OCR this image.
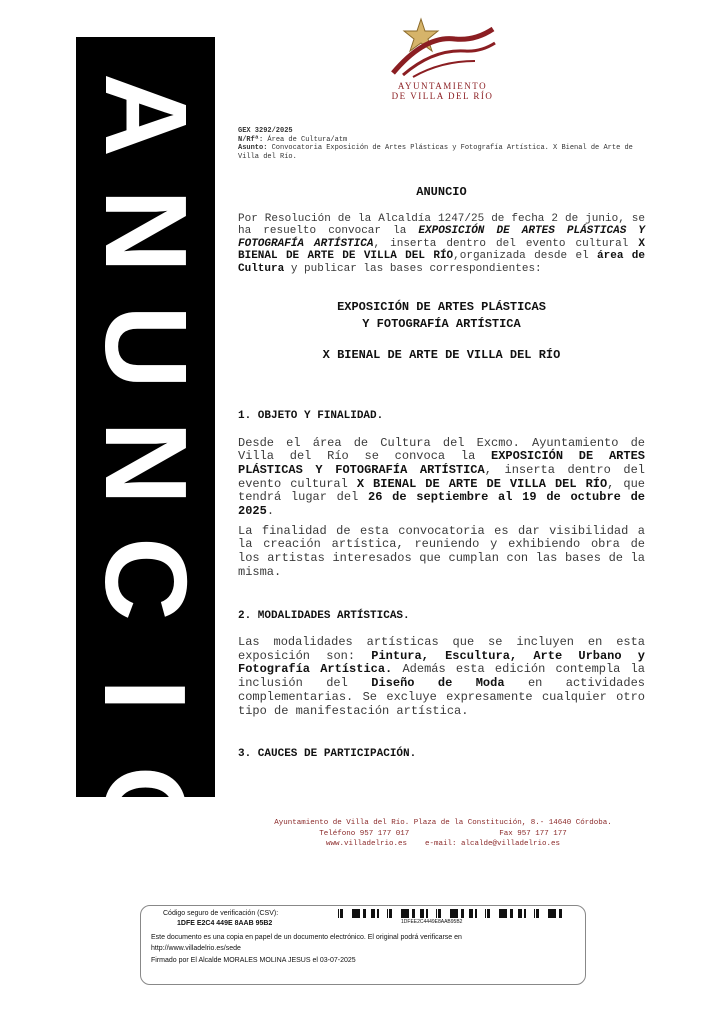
A
N
U
N
C
I
O
AYUNTAMIENTO
DE VILLA DEL RÍO
GEX 3292/2025
N/Rfª: Área de Cultura/atm
Asunto: Convocatoria Exposición de Artes Plásticas y Fotografía Artística. X Bienal de Arte de Villa del Río.
ANUNCIO

Por Resolución de la Alcaldía 1247/25 de fecha 2 de junio, se ha resuelto convocar la EXPOSICIÓN DE ARTES PLÁSTICAS Y FOTOGRAFÍA ARTÍSTICA, inserta dentro del evento cultural X BIENAL DE ARTE DE VILLA DEL RÍO,organizada desde el área de Cultura y publicar las bases correspondientes:

EXPOSICIÓN DE ARTES PLÁSTICAS
Y FOTOGRAFÍA ARTÍSTICA
X BIENAL DE ARTE DE VILLA DEL RÍO
1. OBJETO Y FINALIDAD.

Desde el área de Cultura del Excmo. Ayuntamiento de Villa del Río se convoca la EXPOSICIÓN DE ARTES PLÁSTICAS Y FOTOGRAFÍA ARTÍSTICA, inserta dentro del evento cultural X BIENAL DE ARTE DE VILLA DEL RÍO, que tendrá lugar del 26 de septiembre al 19 de octubre de 2025.

La finalidad de esta convocatoria es dar visibilidad a la creación artística, reuniendo y exhibiendo obra de los artistas interesados que cumplan con las bases de la misma.

2. MODALIDADES ARTÍSTICAS.

Las modalidades artísticas que se incluyen en esta exposición son: Pintura, Escultura, Arte Urbano y Fotografía Artística. Además esta edición contempla la inclusión del Diseño de Moda en actividades complementarias. Se excluye expresamente cualquier otro tipo de manifestación artística.

3. CAUCES DE PARTICIPACIÓN.
Ayuntamiento de Villa del Río. Plaza de la Constitución, 8.- 14640 Córdoba.
Teléfono 957 177 017	Fax 957 177 177
www.villadelrio.es e-mail: alcalde@villadelrio.es
Código seguro de verificación (CSV):
1DFE E2C4 449E 8AAB 95B2	1DFEE2C4449E8AAB95B2
Este documento es una copia en papel de un documento electrónico. El original podrá verificarse en
http://www.villadelrio.es/sede
Firmado por El Alcalde MORALES MOLINA JESUS el 03-07-2025
